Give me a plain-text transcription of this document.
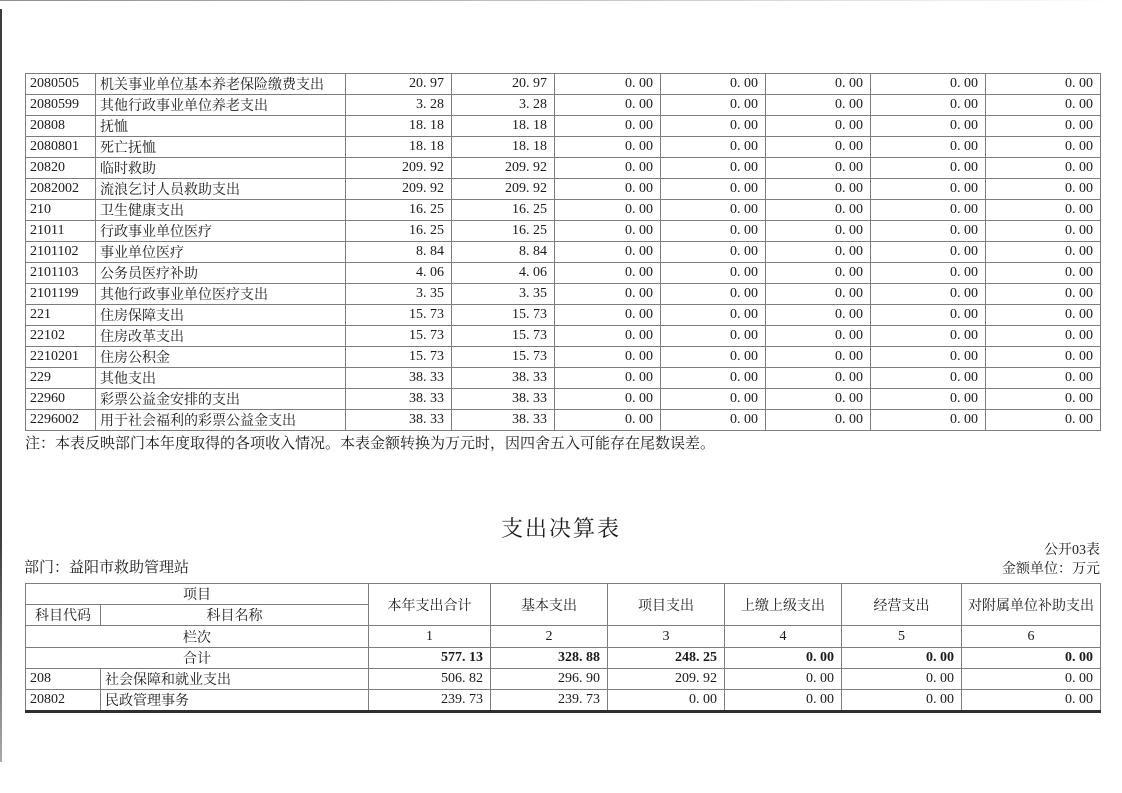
2080505	机关事业单位基本养老保险缴费支出	20. 97	20. 97	0. 00	0. 00	0. 00	0. 00	0. 00
2080599	其他行政事业单位养老支出	3. 28	3. 28	0. 00	0. 00	0. 00	0. 00	0. 00
20808	抚恤	18. 18	18. 18	0. 00	0. 00	0. 00	0. 00	0. 00
2080801	死亡抚恤	18. 18	18. 18	0. 00	0. 00	0. 00	0. 00	0. 00
20820	临时救助	209. 92	209. 92	0. 00	0. 00	0. 00	0. 00	0. 00
2082002	流浪乞讨人员救助支出	209. 92	209. 92	0. 00	0. 00	0. 00	0. 00	0. 00
210	卫生健康支出	16. 25	16. 25	0. 00	0. 00	0. 00	0. 00	0. 00
21011	行政事业单位医疗	16. 25	16. 25	0. 00	0. 00	0. 00	0. 00	0. 00
2101102	事业单位医疗	8. 84	8. 84	0. 00	0. 00	0. 00	0. 00	0. 00
2101103	公务员医疗补助	4. 06	4. 06	0. 00	0. 00	0. 00	0. 00	0. 00
2101199	其他行政事业单位医疗支出	3. 35	3. 35	0. 00	0. 00	0. 00	0. 00	0. 00
221	住房保障支出	15. 73	15. 73	0. 00	0. 00	0. 00	0. 00	0. 00
22102	住房改革支出	15. 73	15. 73	0. 00	0. 00	0. 00	0. 00	0. 00
2210201	住房公积金	15. 73	15. 73	0. 00	0. 00	0. 00	0. 00	0. 00
229	其他支出	38. 33	38. 33	0. 00	0. 00	0. 00	0. 00	0. 00
22960	彩票公益金安排的支出	38. 33	38. 33	0. 00	0. 00	0. 00	0. 00	0. 00
2296002	用于社会福利的彩票公益金支出	38. 33	38. 33	0. 00	0. 00	0. 00	0. 00	0. 00
注：本表反映部门本年度取得的各项收入情况。本表金额转换为万元时，因四舍五入可能存在尾数误差。
支出决算表
公开03表
部门：益阳市救助管理站	金额单位：万元
项目		本年支出合计	基本支出	项目支出	上缴上级支出	经营支出	对附属单位补助支出
科目代码	科目名称						
栏次		1	2	3	4	5	6
合计		577. 13	328. 88	248. 25	0. 00	0. 00	0. 00
208	社会保障和就业支出	506. 82	296. 90	209. 92	0. 00	0. 00	0. 00
20802	民政管理事务	239. 73	239. 73	0. 00	0. 00	0. 00	0. 00
